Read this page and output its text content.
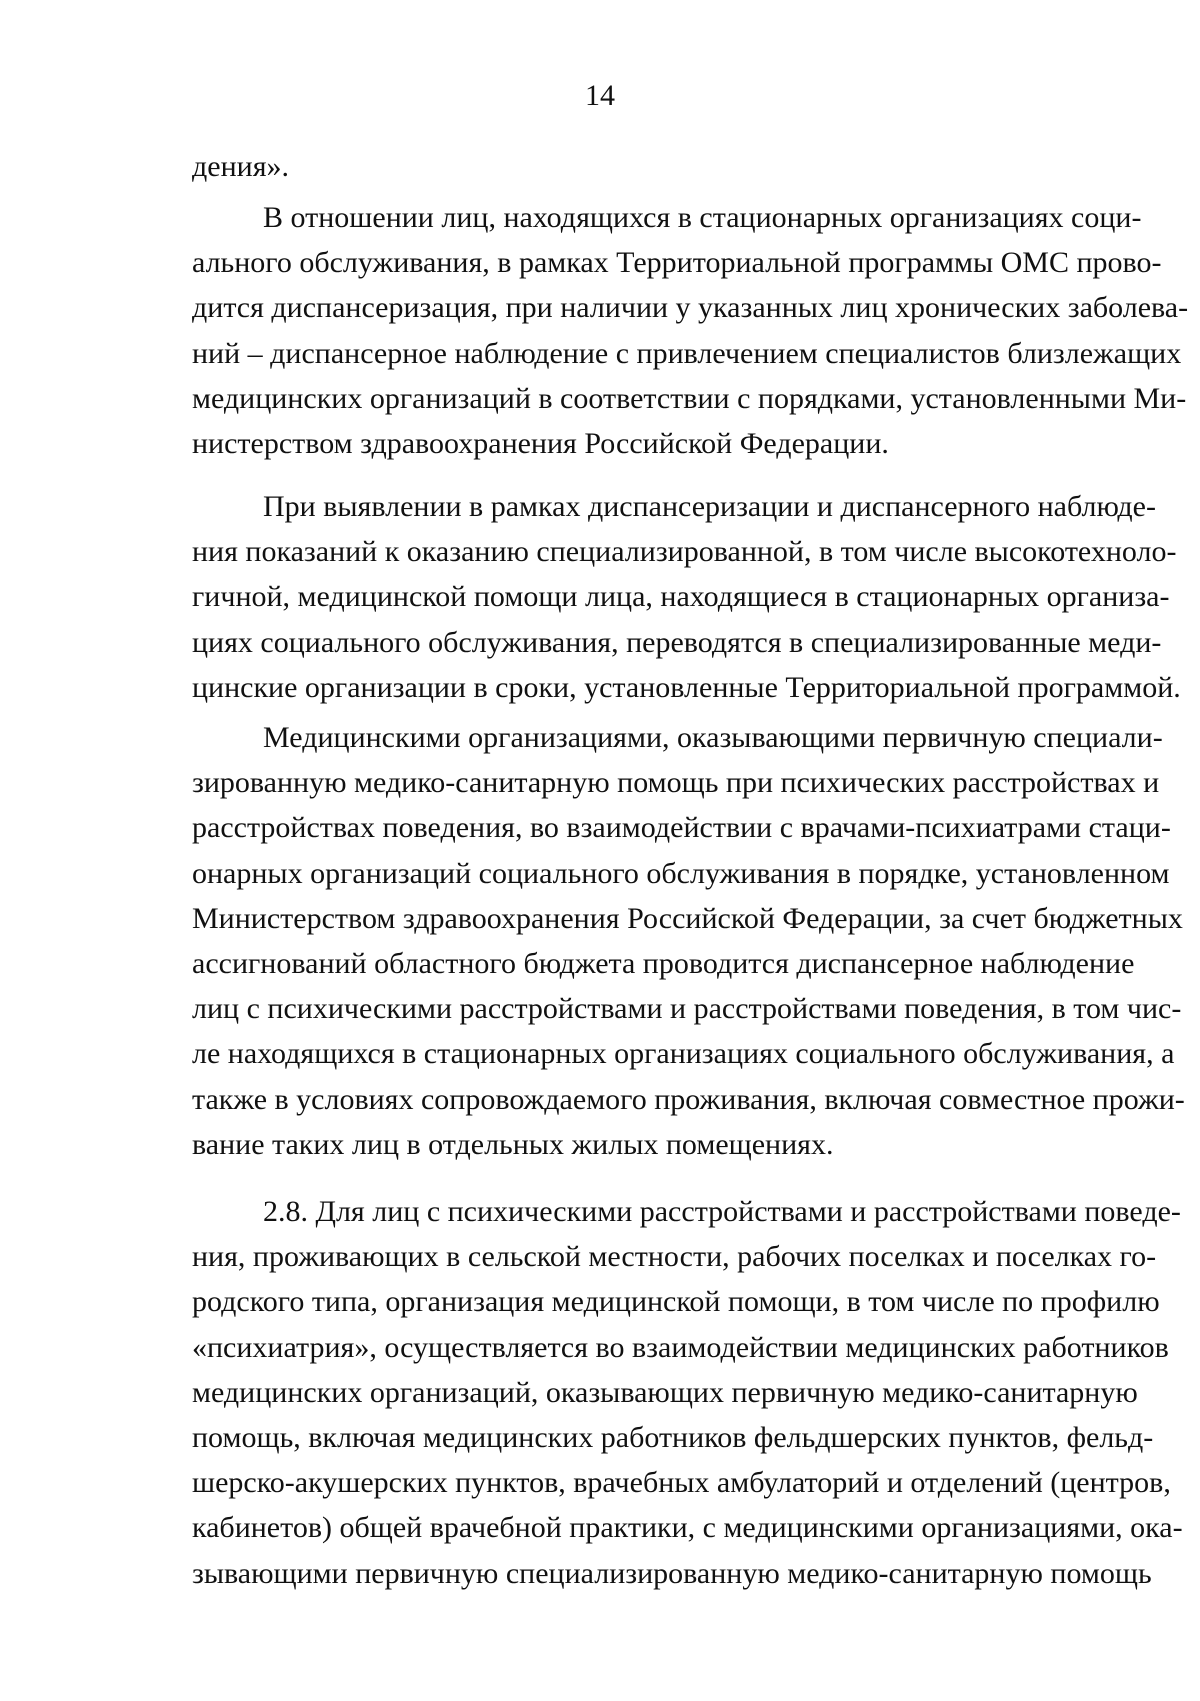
14
дения».
В отношении лиц, находящихся в стационарных организациях соци-
ального обслуживания, в рамках Территориальной программы ОМС прово-
дится диспансеризация, при наличии у указанных лиц хронических заболева-
ний – диспансерное наблюдение с привлечением специалистов близлежащих
медицинских организаций в соответствии с порядками, установленными Ми-
нистерством здравоохранения Российской Федерации.
При выявлении в рамках диспансеризации и диспансерного наблюде-
ния показаний к оказанию специализированной, в том числе высокотехноло-
гичной, медицинской помощи лица, находящиеся в стационарных организа-
циях социального обслуживания, переводятся в специализированные меди-
цинские организации в сроки, установленные Территориальной программой.
Медицинскими организациями, оказывающими первичную специали-
зированную медико-санитарную помощь при психических расстройствах и
расстройствах поведения, во взаимодействии с врачами-психиатрами стаци-
онарных организаций социального обслуживания в порядке, установленном
Министерством здравоохранения Российской Федерации, за счет бюджетных
ассигнований областного бюджета проводится диспансерное наблюдение
лиц с психическими расстройствами и расстройствами поведения, в том чис-
ле находящихся в стационарных организациях социального обслуживания, а
также в условиях сопровождаемого проживания, включая совместное прожи-
вание таких лиц в отдельных жилых помещениях.
2.8. Для лиц с психическими расстройствами и расстройствами поведе-
ния, проживающих в сельской местности, рабочих поселках и поселках го-
родского типа, организация медицинской помощи, в том числе по профилю
«психиатрия», осуществляется во взаимодействии медицинских работников
медицинских организаций, оказывающих первичную медико-санитарную
помощь, включая медицинских работников фельдшерских пунктов, фельд-
шерско-акушерских пунктов, врачебных амбулаторий и отделений (центров,
кабинетов) общей врачебной практики, с медицинскими организациями, ока-
зывающими первичную специализированную медико-санитарную помощь
